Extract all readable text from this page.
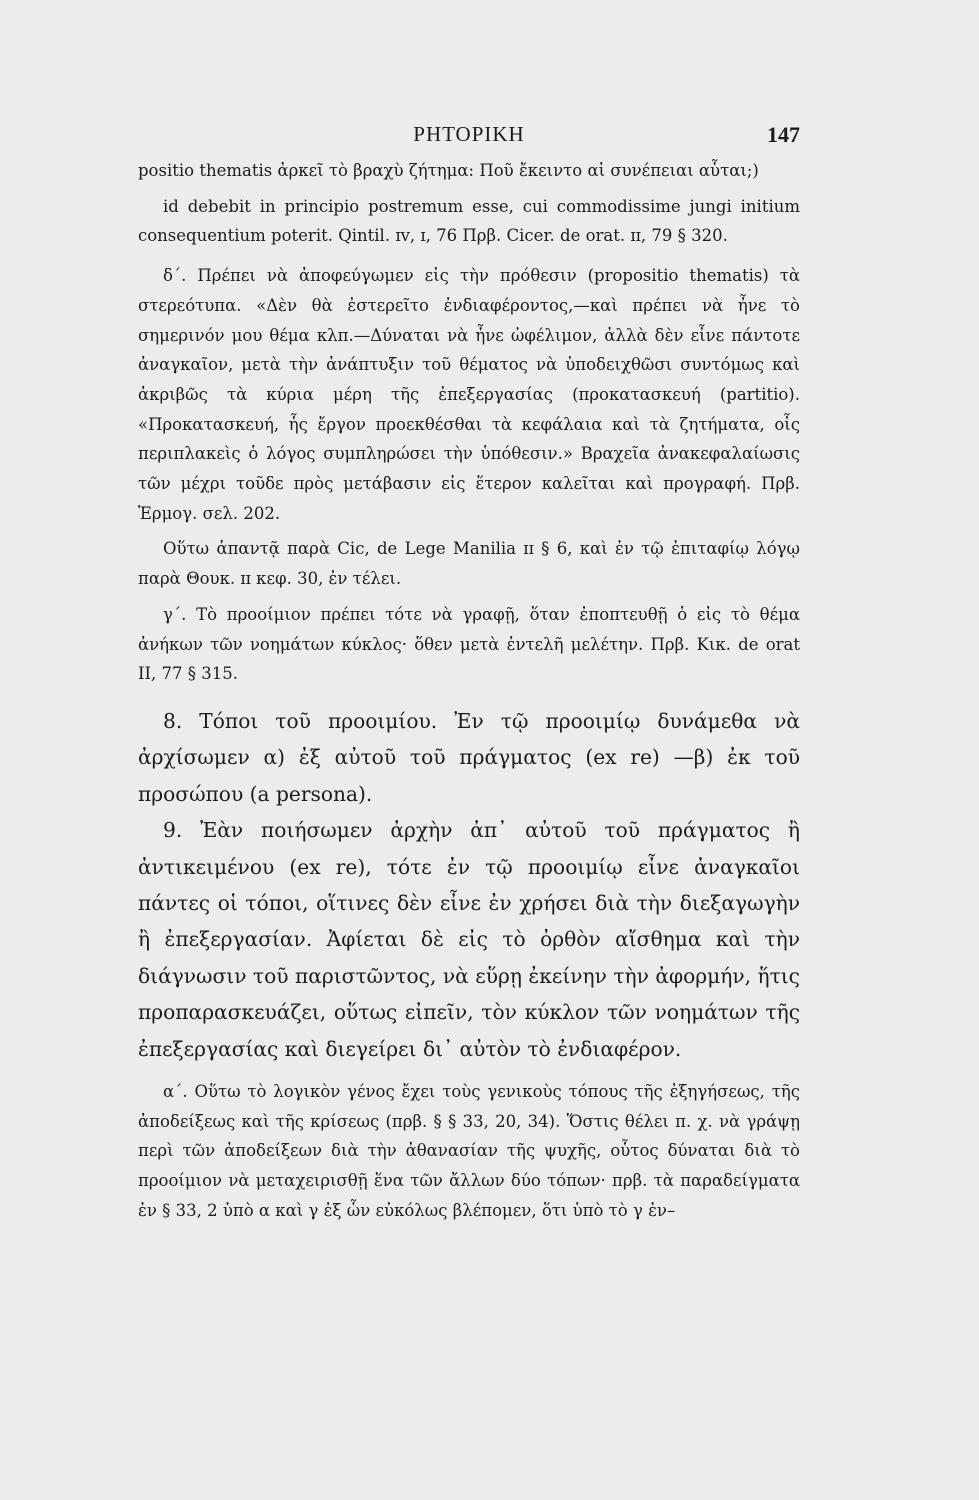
ΡΗΤΟΡΙΚΗ	147

positio thematis ἀρκεῖ τὸ βραχὺ ζήτημα: Ποῦ ἔκειντο αἱ συνέπειαι αὗται;)

id debebit in principio postremum esse, cui commodissime jungi initium consequentium poterit. Qintil. ɪᴠ, ɪ, 76 Πρβ. Cicer. de orat. ɪɪ, 79 § 320.

δ΄. Πρέπει νὰ ἀποφεύγωμεν εἰς τὴν πρόθεσιν (propositio thematis) τὰ στερεότυπα. «Δὲν θὰ ἐστερεῖτο ἐνδιαφέροντος,—καὶ πρέπει νὰ ἦνε τὸ σημερινόν μου θέμα κλπ.—Δύναται νὰ ἦνε ὠφέλιμον, ἀλλὰ δὲν εἶνε πάντοτε ἀναγκαῖον, μετὰ τὴν ἀνάπτυξιν τοῦ θέματος νὰ ὑποδειχθῶσι συντόμως καὶ ἀκριβῶς τὰ κύρια μέρη τῆς ἐπεξεργασίας (προκατασκευή (partitio). «Προκατασκευή, ἧς ἔργον προεκθέσθαι τὰ κεφάλαια καὶ τὰ ζητήματα, οἷς περιπλακεὶς ὁ λόγος συμπληρώσει τὴν ὑπόθεσιν.» Βραχεῖα ἀνακεφαλαίωσις τῶν μέχρι τοῦδε πρὸς μετάβασιν εἰς ἕτερον καλεῖται καὶ προγραφή. Πρβ. Ἑρμογ. σελ. 202.

Οὕτω ἀπαντᾷ παρὰ Cic, de Lege Manilia ɪɪ § 6, καὶ ἐν τῷ ἐπιταφίῳ λόγῳ παρὰ Θουκ. ɪɪ κεφ. 30, ἐν τέλει.

γ΄. Τὸ προοίμιον πρέπει τότε νὰ γραφῇ, ὅταν ἐποπτευθῇ ὁ εἰς τὸ θέμα ἀνήκων τῶν νοημάτων κύκλος· ὅθεν μετὰ ἐντελῆ μελέτην. Πρβ. Κικ. de orat II, 77 § 315.

8. Τόποι τοῦ προοιμίου. Ἐν τῷ προοιμίῳ δυνάμεθα νὰ ἀρχίσωμεν α) ἐξ αὐτοῦ τοῦ πράγματος (ex re) —β) ἐκ τοῦ προσώπου (a persona).

9. Ἐὰν ποιήσωμεν ἀρχὴν ἀπ᾽ αὐτοῦ τοῦ πράγματος ἢ ἀντικειμένου (ex re), τότε ἐν τῷ προοιμίῳ εἶνε ἀναγκαῖοι πάντες οἱ τόποι, οἵτινες δὲν εἶνε ἐν χρήσει διὰ τὴν διεξαγωγὴν ἢ ἐπεξεργασίαν. Ἀφίεται δὲ εἰς τὸ ὀρθὸν αἴσθημα καὶ τὴν διάγνωσιν τοῦ παριστῶντος, νὰ εὕρῃ ἐκείνην τὴν ἀφορμήν, ἥτις προπαρασκευάζει, οὕτως εἰπεῖν, τὸν κύκλον τῶν νοημάτων τῆς ἐπεξεργασίας καὶ διεγείρει δι᾽ αὐτὸν τὸ ἐνδιαφέρον.

α΄. Οὕτω τὸ λογικὸν γένος ἔχει τοὺς γενικοὺς τόπους τῆς ἐξηγήσεως, τῆς ἀποδείξεως καὶ τῆς κρίσεως (πρβ. § § 33, 20, 34). Ὅστις θέλει π. χ. νὰ γράψῃ περὶ τῶν ἀποδείξεων διὰ τὴν ἀθανασίαν τῆς ψυχῆς, οὗτος δύναται διὰ τὸ προοίμιον νὰ μεταχειρισθῇ ἕνα τῶν ἄλλων δύο τόπων· πρβ. τὰ παραδείγματα ἐν § 33, 2 ὑπὸ α καὶ γ ἐξ ὧν εὐκόλως βλέπομεν, ὅτι ὑπὸ τὸ γ ἐν–
